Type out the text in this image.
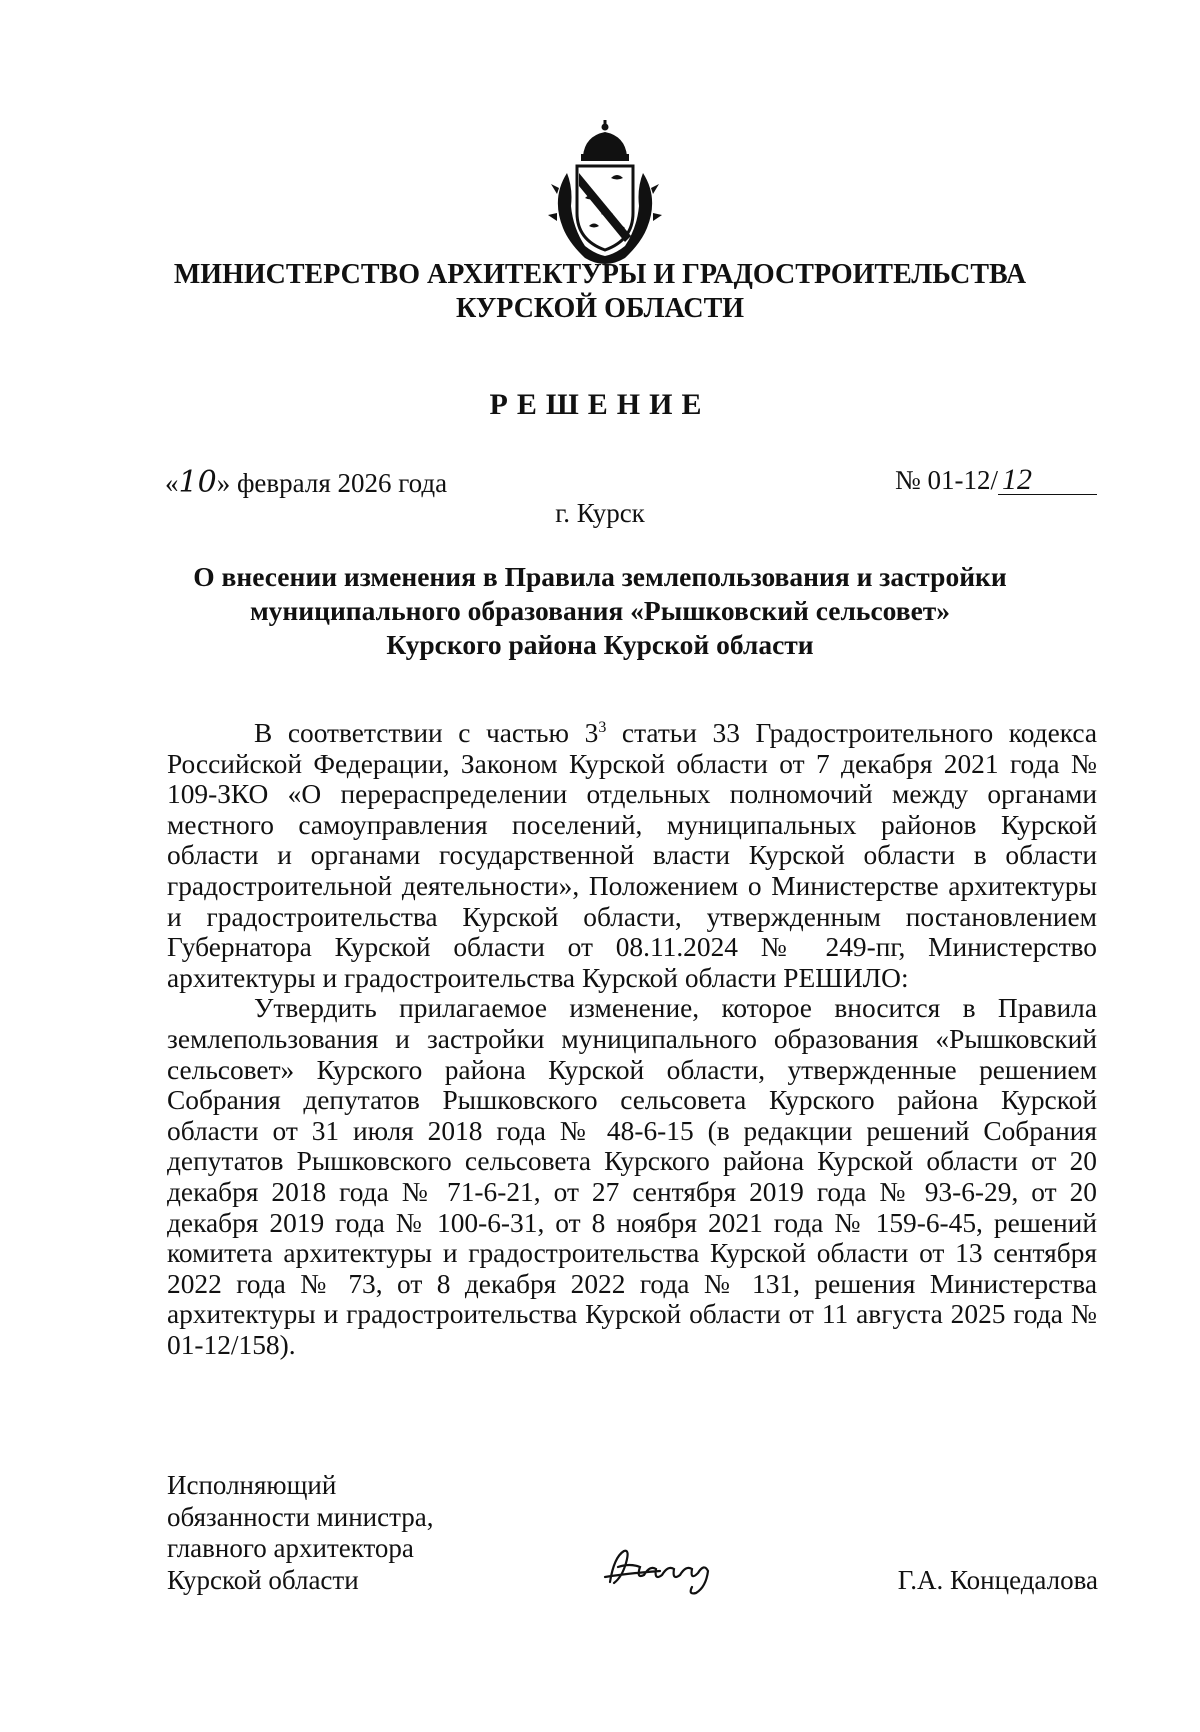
МИНИСТЕРСТВО АРХИТЕКТУРЫ И ГРАДОСТРОИТЕЛЬСТВА
КУРСКОЙ ОБЛАСТИ
РЕШЕНИЕ
«10» февраля 2026 года	№ 01-12/ 12
г. Курск
О внесении изменения в Правила землепользования и застройки
муниципального образования «Рышковский сельсовет»
Курского района Курской области

В соответствии с частью $3^3$ статьи 33 Градостроительного кодекса Российской Федерации, Законом Курской области от 7 декабря 2021 года № 109-ЗКО «О перераспределении отдельных полномочий между органами местного самоуправления поселений, муниципальных районов Курской области и органами государственной власти Курской области в области градостроительной деятельности», Положением о Министерстве архитектуры и градостроительства Курской области, утвержденным постановлением Губернатора Курской области от 08.11.2024 № 249-пг, Министерство архитектуры и градостроительства Курской области РЕШИЛО:

Утвердить прилагаемое изменение, которое вносится в Правила землепользования и застройки муниципального образования «Рышковский сельсовет» Курского района Курской области, утвержденные решением Собрания депутатов Рышковского сельсовета Курского района Курской области от 31 июля 2018 года № 48-6-15 (в редакции решений Собрания депутатов Рышковского сельсовета Курского района Курской области от 20 декабря 2018 года № 71-6-21, от 27 сентября 2019 года № 93-6-29, от 20 декабря 2019 года № 100-6-31, от 8 ноября 2021 года № 159-6-45, решений комитета архитектуры и градостроительства Курской области от 13 сентября 2022 года № 73, от 8 декабря 2022 года № 131, решения Министерства архитектуры и градостроительства Курской области от 11 августа 2025 года № 01-12/158).

Исполняющий
обязанности министра,
главного архитектора
Курской области	Г.А. Концедалова
